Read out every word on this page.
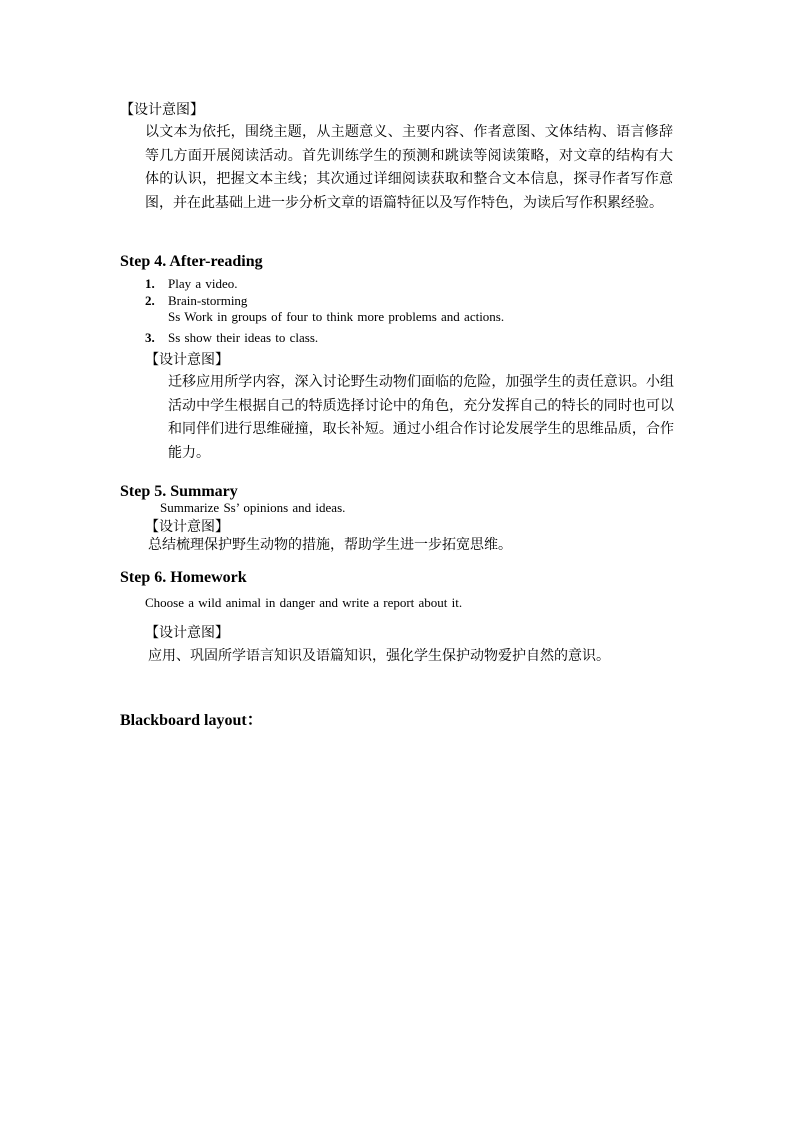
【设计意图】
以文本为依托，围绕主题，从主题意义、主要内容、作者意图、文体结构、语言修辞等几方面开展阅读活动。首先训练学生的预测和跳读等阅读策略，对文章的结构有大体的认识，把握文本主线；其次通过详细阅读获取和整合文本信息，探寻作者写作意图，并在此基础上进一步分析文章的语篇特征以及写作特色，为读后写作积累经验。
Step 4. After-reading
1. Play a video.
2. Brain-storming
Ss Work in groups of four to think more problems and actions.
3. Ss show their ideas to class.
【设计意图】
迁移应用所学内容，深入讨论野生动物们面临的危险，加强学生的责任意识。小组活动中学生根据自己的特质选择讨论中的角色，充分发挥自己的特长的同时也可以和同伴们进行思维碰撞，取长补短。通过小组合作讨论发展学生的思维品质，合作能力。
Step 5. Summary
Summarize Ss’ opinions and ideas.
【设计意图】
总结梳理保护野生动物的措施，帮助学生进一步拓宽思维。
Step 6. Homework
Choose a wild animal in danger and write a report about it.
【设计意图】
应用、巩固所学语言知识及语篇知识，强化学生保护动物爱护自然的意识。
Blackboard layout：
